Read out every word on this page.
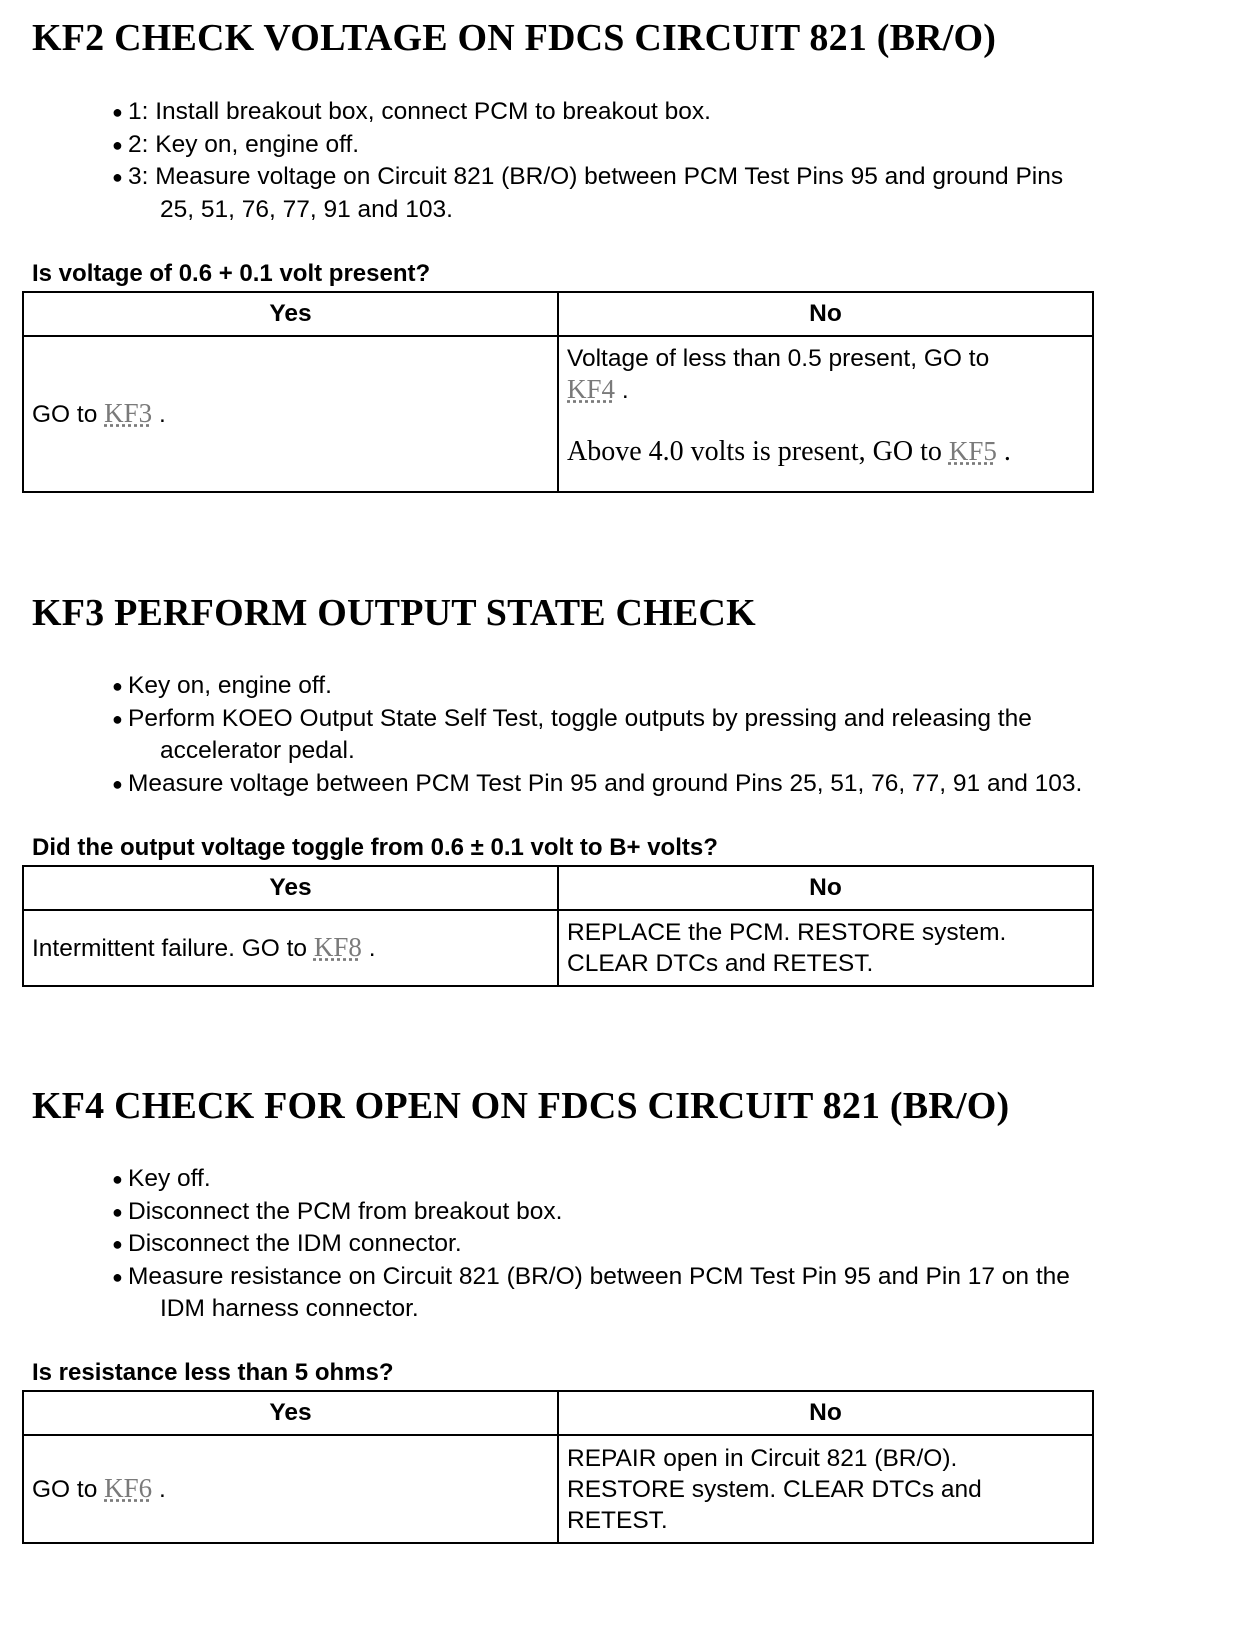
KF2 CHECK VOLTAGE ON FDCS CIRCUIT 821 (BR/O)
● 1: Install breakout box, connect PCM to breakout box.
● 2: Key on, engine off.
● 3: Measure voltage on Circuit 821 (BR/O) between PCM Test Pins 95 and ground Pins
25, 51, 76, 77, 91 and 103.

Is voltage of 0.6 + 0.1 volt present?

Yes	No
GO to KF3 .	Voltage of less than 0.5 present, GO to
KF4 .
Above 4.0 volts is present, GO to KF5 .
KF3 PERFORM OUTPUT STATE CHECK
● Key on, engine off.
● Perform KOEO Output State Self Test, toggle outputs by pressing and releasing the
accelerator pedal.
● Measure voltage between PCM Test Pin 95 and ground Pins 25, 51, 76, 77, 91 and 103.

Did the output voltage toggle from 0.6 ± 0.1 volt to B+ volts?

Yes	No
Intermittent failure. GO to KF8 .	REPLACE the PCM. RESTORE system.
CLEAR DTCs and RETEST.
KF4 CHECK FOR OPEN ON FDCS CIRCUIT 821 (BR/O)
● Key off.
● Disconnect the PCM from breakout box.
● Disconnect the IDM connector.
● Measure resistance on Circuit 821 (BR/O) between PCM Test Pin 95 and Pin 17 on the
IDM harness connector.

Is resistance less than 5 ohms?

Yes	No
GO to KF6 .	REPAIR open in Circuit 821 (BR/O).
RESTORE system. CLEAR DTCs and
RETEST.
